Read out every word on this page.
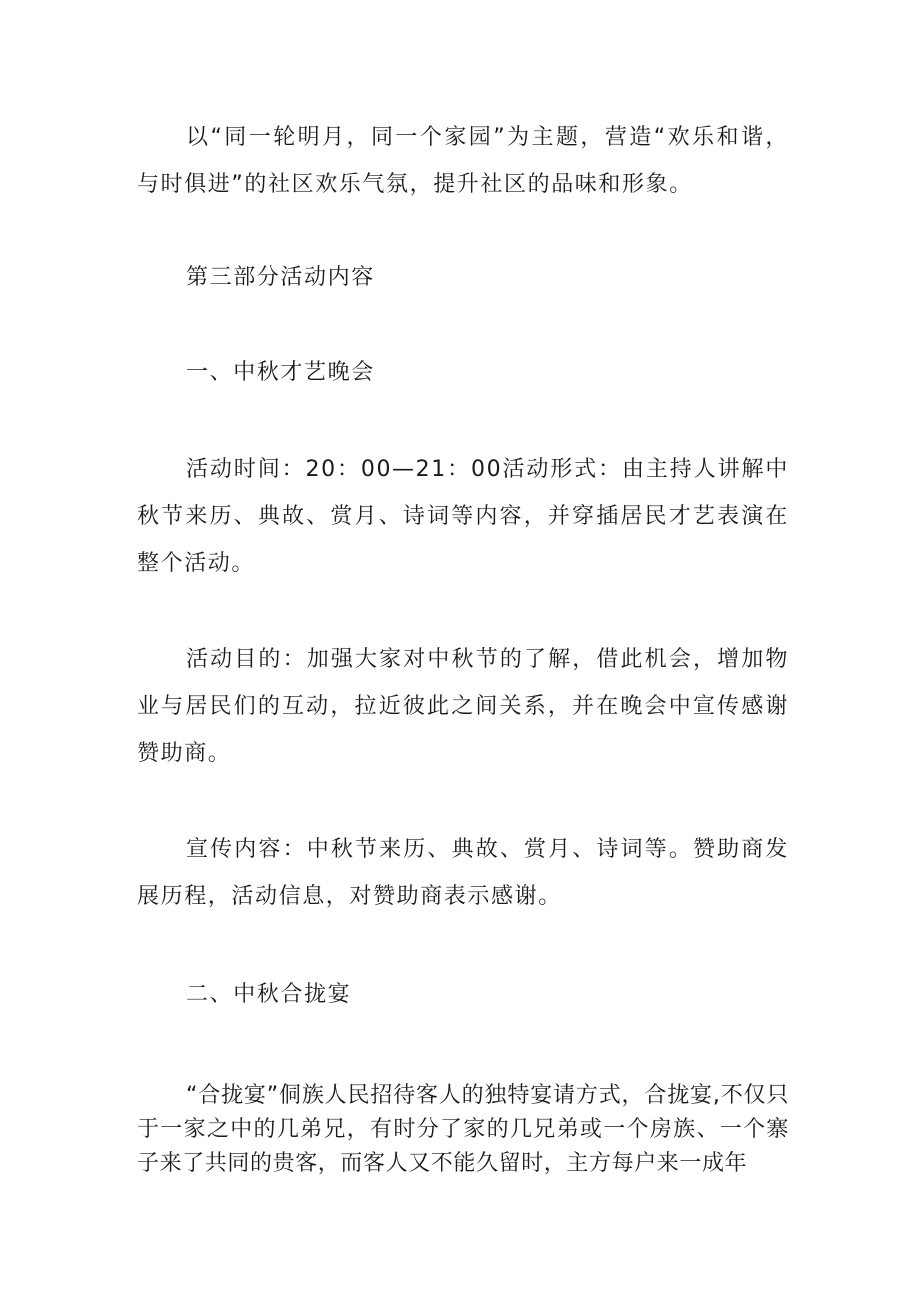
以“同一轮明月，同一个家园”为主题，营造“欢乐和谐，与时俱进”的社区欢乐气氛，提升社区的品味和形象。

第三部分活动内容

一、中秋才艺晚会

活动时间：20：00—21：00活动形式：由主持人讲解中秋节来历、典故、赏月、诗词等内容，并穿插居民才艺表演在整个活动。

活动目的：加强大家对中秋节的了解，借此机会，增加物业与居民们的互动，拉近彼此之间关系，并在晚会中宣传感谢赞助商。

宣传内容：中秋节来历、典故、赏月、诗词等。赞助商发展历程，活动信息，对赞助商表示感谢。

二、中秋合拢宴

“合拢宴”侗族人民招待客人的独特宴请方式，合拢宴,不仅只于一家之中的几弟兄，有时分了家的几兄弟或一个房族、一个寨子来了共同的贵客，而客人又不能久留时，主方每户来一成年
